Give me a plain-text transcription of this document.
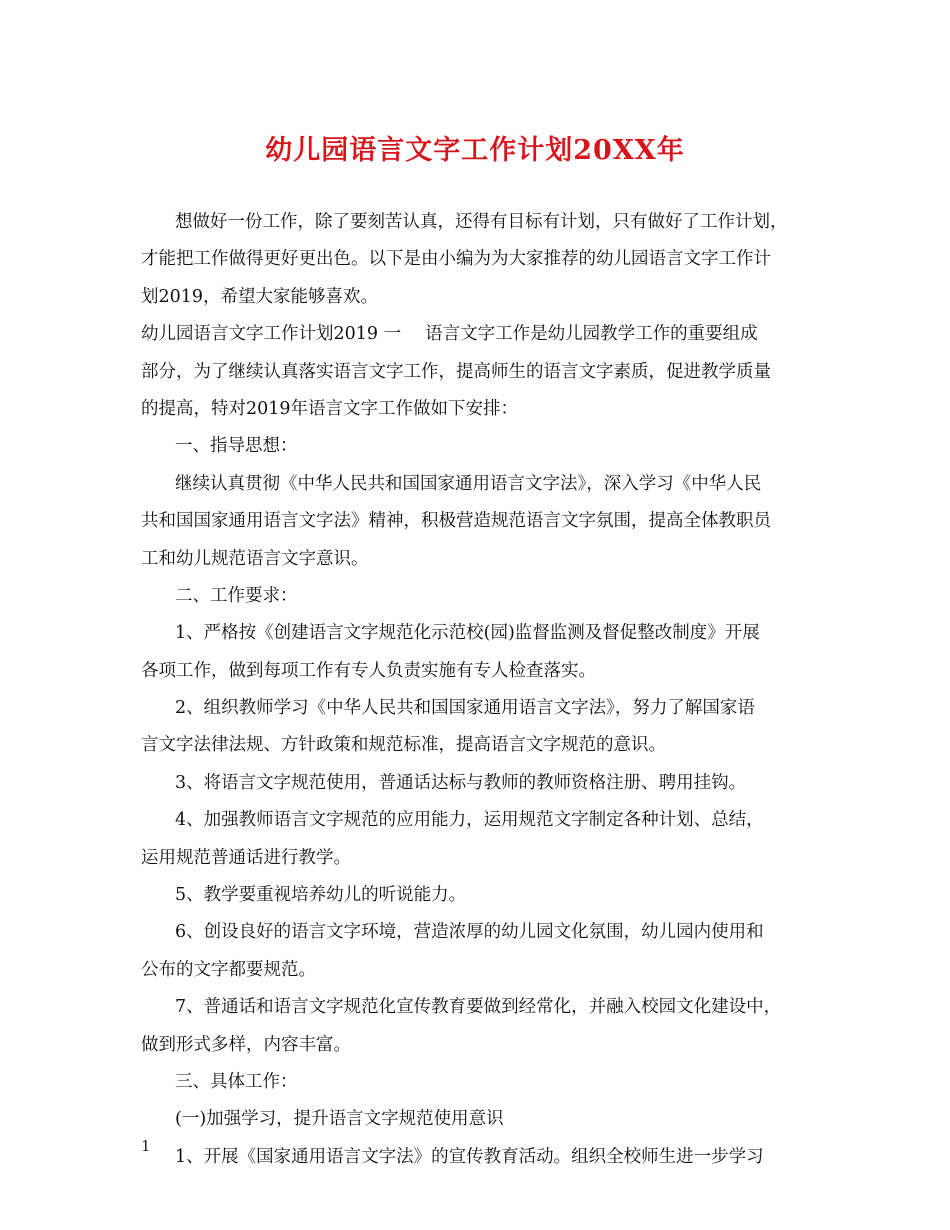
幼儿园语言文字工作计划20XX年
想做好一份工作，除了要刻苦认真，还得有目标有计划，只有做好了工作计划，
才能把工作做得更好更出色。以下是由小编为为大家推荐的幼儿园语言文字工作计
划2019，希望大家能够喜欢。
幼儿园语言文字工作计划2019 一 语言文字工作是幼儿园教学工作的重要组成
部分，为了继续认真落实语言文字工作，提高师生的语言文字素质，促进教学质量
的提高，特对2019年语言文字工作做如下安排：
一、指导思想：
继续认真贯彻《中华人民共和国国家通用语言文字法》，深入学习《中华人民
共和国国家通用语言文字法》精神，积极营造规范语言文字氛围，提高全体教职员
工和幼儿规范语言文字意识。
二、工作要求：
1、严格按《创建语言文字规范化示范校(园)监督监测及督促整改制度》开展
各项工作，做到每项工作有专人负责实施有专人检查落实。
2、组织教师学习《中华人民共和国国家通用语言文字法》，努力了解国家语
言文字法律法规、方针政策和规范标准，提高语言文字规范的意识。
3、将语言文字规范使用，普通话达标与教师的教师资格注册、聘用挂钩。
4、加强教师语言文字规范的应用能力，运用规范文字制定各种计划、总结，
运用规范普通话进行教学。
5、教学要重视培养幼儿的听说能力。
6、创设良好的语言文字环境，营造浓厚的幼儿园文化氛围，幼儿园内使用和
公布的文字都要规范。
7、普通话和语言文字规范化宣传教育要做到经常化，并融入校园文化建设中，
做到形式多样，内容丰富。
三、具体工作：
(一)加强学习，提升语言文字规范使用意识
1、开展《国家通用语言文字法》的宣传教育活动。组织全校师生进一步学习
1
